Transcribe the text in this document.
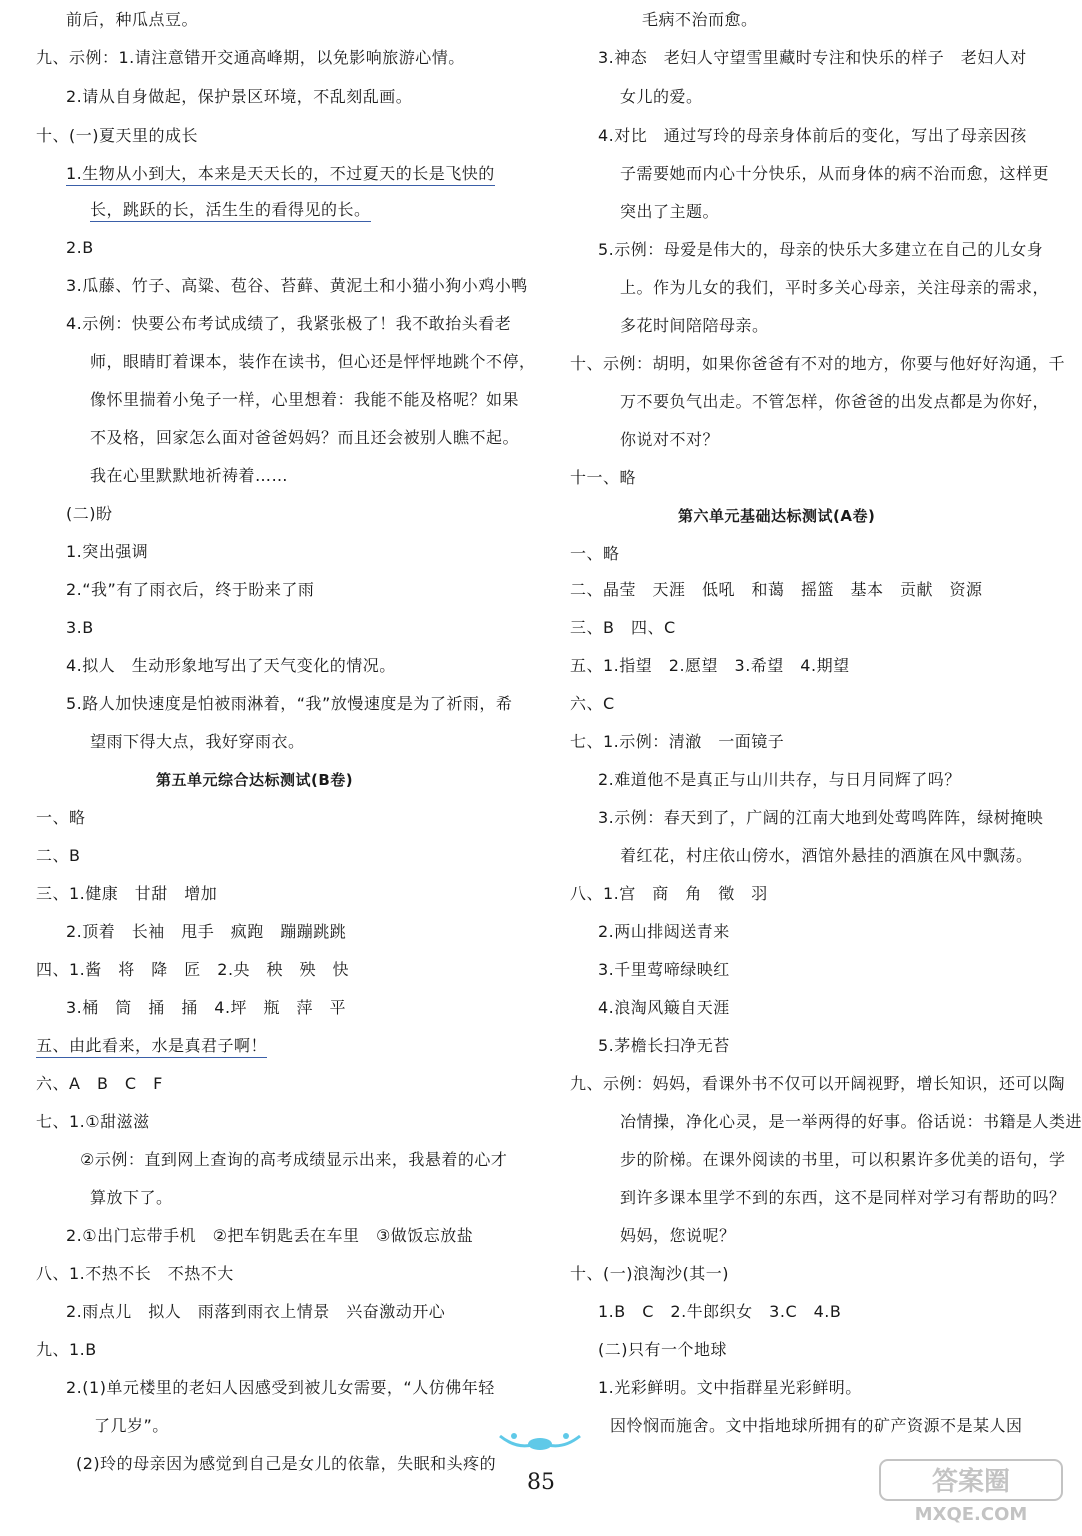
前后，种瓜点豆。
九、示例：1.请注意错开交通高峰期，以免影响旅游心情。
2.请从自身做起，保护景区环境，不乱刻乱画。
十、(一)夏天里的成长
1.生物从小到大，本来是天天长的，不过夏天的长是飞快的
长，跳跃的长，活生生的看得见的长。
2.B
3.瓜藤、竹子、高粱、苞谷、苔藓、黄泥土和小猫小狗小鸡小鸭
4.示例：快要公布考试成绩了，我紧张极了！我不敢抬头看老
师，眼睛盯着课本，装作在读书，但心还是怦怦地跳个不停，
像怀里揣着小兔子一样，心里想着：我能不能及格呢？如果
不及格，回家怎么面对爸爸妈妈？而且还会被别人瞧不起。
我在心里默默地祈祷着……
(二)盼
1.突出强调
2.“我”有了雨衣后，终于盼来了雨
3.B
4.拟人　生动形象地写出了天气变化的情况。
5.路人加快速度是怕被雨淋着，“我”放慢速度是为了祈雨，希
望雨下得大点，我好穿雨衣。
第五单元综合达标测试(B卷)
一、略
二、B
三、1.健康　甘甜　增加
2.顶着　长袖　甩手　疯跑　蹦蹦跳跳
四、1.酱　将　降　匠　2.央　秧　殃　快
3.桶　筒　捅　捅　4.坪　瓶　萍　平
五、由此看来，水是真君子啊！
六、A　B　C　F
七、1.①甜滋滋
②示例：直到网上查询的高考成绩显示出来，我悬着的心才
算放下了。
2.①出门忘带手机　②把车钥匙丢在车里　③做饭忘放盐
八、1.不热不长　不热不大
2.雨点儿　拟人　雨落到雨衣上情景　兴奋激动开心
九、1.B
2.(1)单元楼里的老妇人因感受到被儿女需要，“人仿佛年轻
了几岁”。
(2)玲的母亲因为感觉到自己是女儿的依靠，失眠和头疼的
毛病不治而愈。
3.神态　老妇人守望雪里藏时专注和快乐的样子　老妇人对
女儿的爱。
4.对比　通过写玲的母亲身体前后的变化，写出了母亲因孩
子需要她而内心十分快乐，从而身体的病不治而愈，这样更
突出了主题。
5.示例：母爱是伟大的，母亲的快乐大多建立在自己的儿女身
上。作为儿女的我们，平时多关心母亲，关注母亲的需求，
多花时间陪陪母亲。
十、示例：胡明，如果你爸爸有不对的地方，你要与他好好沟通，千
万不要负气出走。不管怎样，你爸爸的出发点都是为你好，
你说对不对？
十一、略
第六单元基础达标测试(A卷)
一、略
二、晶莹　天涯　低吼　和蔼　摇篮　基本　贡献　资源
三、B　四、C
五、1.指望　2.愿望　3.希望　4.期望
六、C
七、1.示例：清澈　一面镜子
2.难道他不是真正与山川共存，与日月同辉了吗？
3.示例：春天到了，广阔的江南大地到处莺鸣阵阵，绿树掩映
着红花，村庄依山傍水，酒馆外悬挂的酒旗在风中飘荡。
八、1.宫　商　角　徵　羽
2.两山排闼送青来
3.千里莺啼绿映红
4.浪淘风簸自天涯
5.茅檐长扫净无苔
九、示例：妈妈，看课外书不仅可以开阔视野，增长知识，还可以陶
冶情操，净化心灵，是一举两得的好事。俗话说：书籍是人类进
步的阶梯。在课外阅读的书里，可以积累许多优美的语句，学
到许多课本里学不到的东西，这不是同样对学习有帮助的吗？
妈妈，您说呢？
十、(一)浪淘沙(其一)
1.B　C　2.牛郎织女　3.C　4.B
(二)只有一个地球
1.光彩鲜明。文中指群星光彩鲜明。
因怜悯而施舍。文中指地球所拥有的矿产资源不是某人因
85	答案圈
MXQE.COM
